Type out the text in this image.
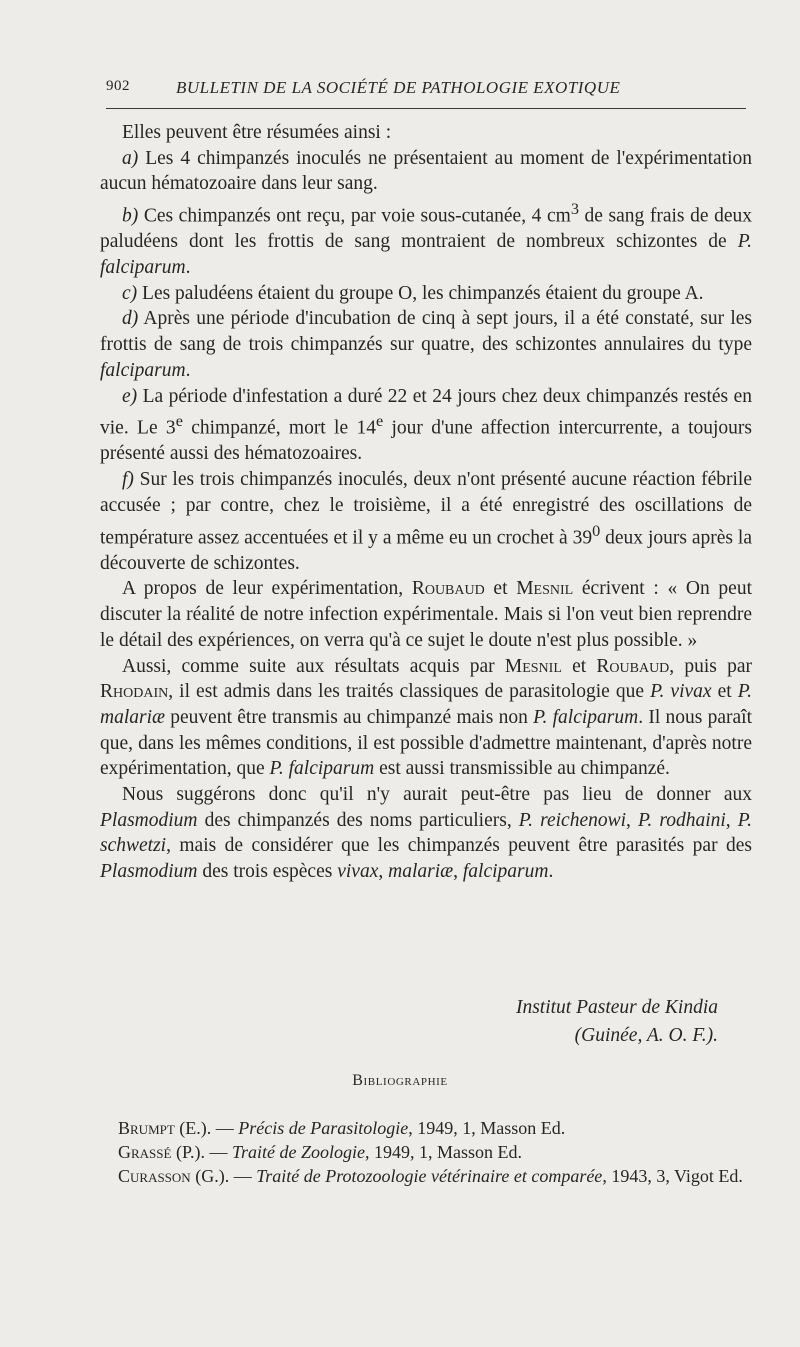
902	BULLETIN DE LA SOCIÉTÉ DE PATHOLOGIE EXOTIQUE

Elles peuvent être résumées ainsi :

a) Les 4 chimpanzés inoculés ne présentaient au moment de l'expérimentation aucun hématozoaire dans leur sang.

b) Ces chimpanzés ont reçu, par voie sous-cutanée, 4 $cm^3$ de sang frais de deux paludéens dont les frottis de sang montraient de nombreux schizontes de P. falciparum.

c) Les paludéens étaient du groupe O, les chimpanzés étaient du groupe A.

d) Après une période d'incubation de cinq à sept jours, il a été constaté, sur les frottis de sang de trois chimpanzés sur quatre, des schizontes annulaires du type falciparum.

e) La période d'infestation a duré 22 et 24 jours chez deux chimpanzés restés en vie. Le 3e chimpanzé, mort le 14e jour d'une affection intercurrente, a toujours présenté aussi des hématozoaires.

f) Sur les trois chimpanzés inoculés, deux n'ont présenté aucune réaction fébrile accusée ; par contre, chez le troisième, il a été enregistré des oscillations de température assez accentuées et il y a même eu un crochet à $39^0$ deux jours après la découverte de schizontes.

A propos de leur expérimentation, Roubaud et Mesnil écrivent : « On peut discuter la réalité de notre infection expérimentale. Mais si l'on veut bien reprendre le détail des expériences, on verra qu'à ce sujet le doute n'est plus possible. »

Aussi, comme suite aux résultats acquis par Mesnil et Roubaud, puis par Rhodain, il est admis dans les traités classiques de parasitologie que P. vivax et P. malariæ peuvent être transmis au chimpanzé mais non P. falciparum. Il nous paraît que, dans les mêmes conditions, il est possible d'admettre maintenant, d'après notre expérimentation, que P. falciparum est aussi transmissible au chimpanzé.

Nous suggérons donc qu'il n'y aurait peut-être pas lieu de donner aux Plasmodium des chimpanzés des noms particuliers, P. reichenowi, P. rodhaini, P. schwetzi, mais de considérer que les chimpanzés peuvent être parasités par des Plasmodium des trois espèces vivax, malariæ, falciparum.

Institut Pasteur de Kindia
(Guinée, A. O. F.).
Bibliographie

Brumpt (E.). — Précis de Parasitologie, 1949, 1, Masson Ed.

Grassé (P.). — Traité de Zoologie, 1949, 1, Masson Ed.

Curasson (G.). — Traité de Protozoologie vétérinaire et comparée, 1943, 3, Vigot Ed.
